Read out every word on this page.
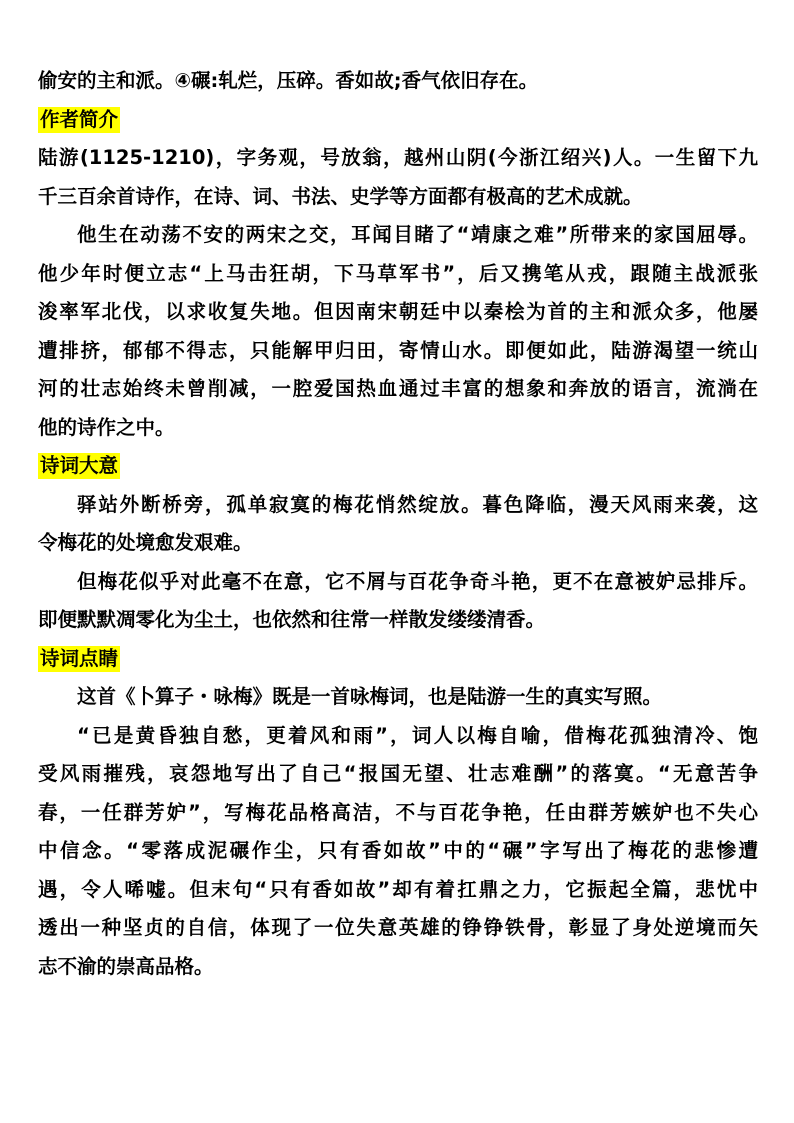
偷安的主和派。④碾:轧烂，压碎。香如故;香气依旧存在。
作者简介
陆游(1125-1210)，字务观，号放翁，越州山阴(今浙江绍兴)人。一生留下九
千三百余首诗作，在诗、词、书法、史学等方面都有极高的艺术成就。
他生在动荡不安的两宋之交，耳闻目睹了“靖康之难”所带来的家国屈辱。
他少年时便立志“上马击狂胡，下马草军书”，后又携笔从戎，跟随主战派张
浚率军北伐，以求收复失地。但因南宋朝廷中以秦桧为首的主和派众多，他屡
遭排挤，郁郁不得志，只能解甲归田，寄情山水。即便如此，陆游渴望一统山
河的壮志始终未曾削减，一腔爱国热血通过丰富的想象和奔放的语言，流淌在
他的诗作之中。
诗词大意
驿站外断桥旁，孤单寂寞的梅花悄然绽放。暮色降临，漫天风雨来袭，这
令梅花的处境愈发艰难。
但梅花似乎对此毫不在意，它不屑与百花争奇斗艳，更不在意被妒忌排斥。
即便默默凋零化为尘土，也依然和往常一样散发缕缕清香。
诗词点睛
这首《卜算子・咏梅》既是一首咏梅词，也是陆游一生的真实写照。
“已是黄昏独自愁，更着风和雨”，词人以梅自喻，借梅花孤独清冷、饱
受风雨摧残，哀怨地写出了自己“报国无望、壮志难酬”的落寞。“无意苦争
春，一任群芳妒”，写梅花品格高洁，不与百花争艳，任由群芳嫉妒也不失心
中信念。“零落成泥碾作尘，只有香如故”中的“碾”字写出了梅花的悲惨遭
遇，令人唏嘘。但末句“只有香如故”却有着扛鼎之力，它振起全篇，悲忧中
透出一种坚贞的自信，体现了一位失意英雄的铮铮铁骨，彰显了身处逆境而矢
志不渝的崇高品格。
